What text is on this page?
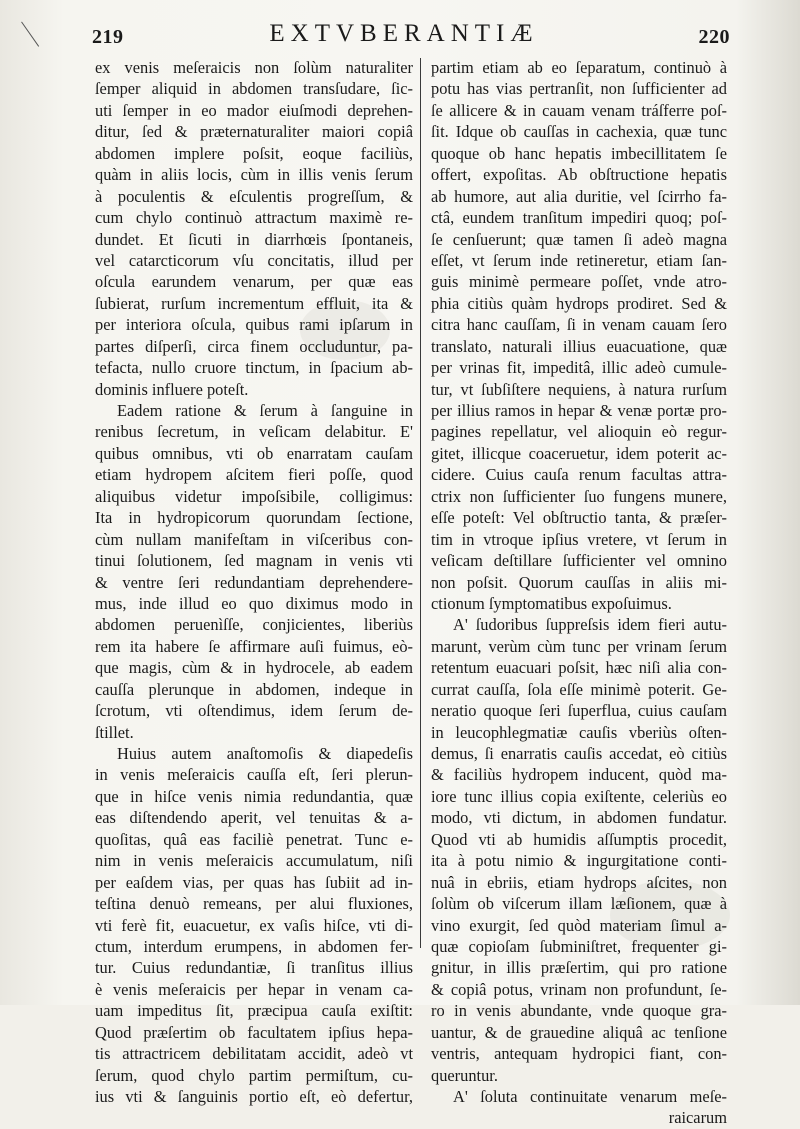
219	EXTVBERANTIÆ	220
ex venis meſeraicis non ſolùm naturaliter
ſemper aliquid in abdomen transſudare, ſic-
uti ſemper in eo mador eiuſmodi deprehen-
ditur, ſed & præternaturaliter maiori copiâ
abdomen implere poſsit, eoque faciliùs,
quàm in aliis locis, cùm in illis venis ſerum
à poculentis & eſculentis progreſſum, &
cum chylo continuò attractum maximè re-
dundet. Et ſicuti in diarrhœis ſpontaneis,
vel catarcticorum vſu concitatis, illud per
oſcula earundem venarum, per quæ eas
ſubierat, rurſum incrementum effluit, ita &
per interiora oſcula, quibus rami ipſarum in
partes diſperſi, circa finem occluduntur, pa-
tefacta, nullo cruore tinctum, in ſpacium ab-
dominis influere poteſt.
Eadem ratione & ſerum à ſanguine in
renibus ſecretum, in veſicam delabitur. E'
quibus omnibus, vti ob enarratam cauſam
etiam hydropem aſcitem fieri poſſe, quod
aliquibus videtur impoſsibile, colligimus:
Ita in hydropicorum quorundam ſectione,
cùm nullam manifeſtam in viſceribus con-
tinui ſolutionem, ſed magnam in venis vti
& ventre ſeri redundantiam deprehendere-
mus, inde illud eo quo diximus modo in
abdomen peruenìſſe, conjicientes, liberiùs
rem ita habere ſe affirmare auſi fuimus, eò-
que magis, cùm & in hydrocele, ab eadem
cauſſa plerunque in abdomen, indeque in
ſcrotum, vti oſtendimus, idem ſerum de-
ſtillet.
Huius autem anaſtomoſis & diapedeſis
in venis meſeraicis cauſſa eſt, ſeri plerun-
que in hiſce venis nimia redundantia, quæ
eas diſtendendo aperit, vel tenuitas & a-
quoſitas, quâ eas faciliè penetrat. Tunc e-
nim in venis meſeraicis accumulatum, niſi
per eaſdem vias, per quas has ſubiit ad in-
teſtina denuò remeans, per alui fluxiones,
vti ferè fit, euacuetur, ex vaſis hiſce, vti di-
ctum, interdum erumpens, in abdomen fer-
tur. Cuius redundantiæ, ſi tranſitus illius
è venis meſeraicis per hepar in venam ca-
uam impeditus ſit, præcipua cauſa exiſtit:
Quod præſertim ob facultatem ipſius hepa-
tis attractricem debilitatam accidit, adeò vt
ſerum, quod chylo partim permiſtum, cu-
ius vti & ſanguinis portio eſt, eò defertur,
partim etiam ab eo ſeparatum, continuò à
potu has vias pertranſit, non ſufficienter ad
ſe allicere & in cauam venam tráſferre poſ-
ſit. Idque ob cauſſas in cachexia, quæ tunc
quoque ob hanc hepatis imbecillitatem ſe
offert, expoſitas. Ab obſtructione hepatis
ab humore, aut alia duritie, vel ſcirrho fa-
ctâ, eundem tranſitum impediri quoq; poſ-
ſe cenſuerunt; quæ tamen ſi adeò magna
eſſet, vt ſerum inde retineretur, etiam ſan-
guis minimè permeare poſſet, vnde atro-
phia citiùs quàm hydrops prodiret. Sed &
citra hanc cauſſam, ſi in venam cauam ſero
translato, naturali illius euacuatione, quæ
per vrinas fit, impeditâ, illic adeò cumule-
tur, vt ſubſiſtere nequiens, à natura rurſum
per illius ramos in hepar & venæ portæ pro-
pagines repellatur, vel alioquin eò regur-
gitet, illicque coaceruetur, idem poterit ac-
cidere. Cuius cauſa renum facultas attra-
ctrix non ſufficienter ſuo fungens munere,
eſſe poteſt: Vel obſtructio tanta, & præſer-
tim in vtroque ipſius vretere, vt ſerum in
veſicam deſtillare ſufficienter vel omnino
non poſsit. Quorum cauſſas in aliis mi-
ctionum ſymptomatibus expoſuimus.
A' ſudoribus ſuppreſsis idem fieri autu-
marunt, verùm cùm tunc per vrinam ſerum
retentum euacuari poſsit, hæc niſi alia con-
currat cauſſa, ſola eſſe minimè poterit. Ge-
neratio quoque ſeri ſuperflua, cuius cauſam
in leucophlegmatiæ cauſis vberiùs oſten-
demus, ſi enarratis cauſis accedat, eò citiùs
& faciliùs hydropem inducent, quòd ma-
iore tunc illius copia exiſtente, celeriùs eo
modo, vti dictum, in abdomen fundatur.
Quod vti ab humidis aſſumptis procedit,
ita à potu nimio & ingurgitatione conti-
nuâ in ebriis, etiam hydrops aſcites, non
ſolùm ob viſcerum illam læſionem, quæ à
vino exurgit, ſed quòd materiam ſimul a-
quæ copioſam ſubminiſtret, frequenter gi-
gnitur, in illis præſertim, qui pro ratione
& copiâ potus, vrinam non profundunt, ſe-
ro in venis abundante, vnde quoque gra-
uantur, & de grauedine aliquâ ac tenſione
ventris, antequam hydropici fiant, con-
queruntur.
A' ſoluta continuitate venarum meſe-
raicarum
